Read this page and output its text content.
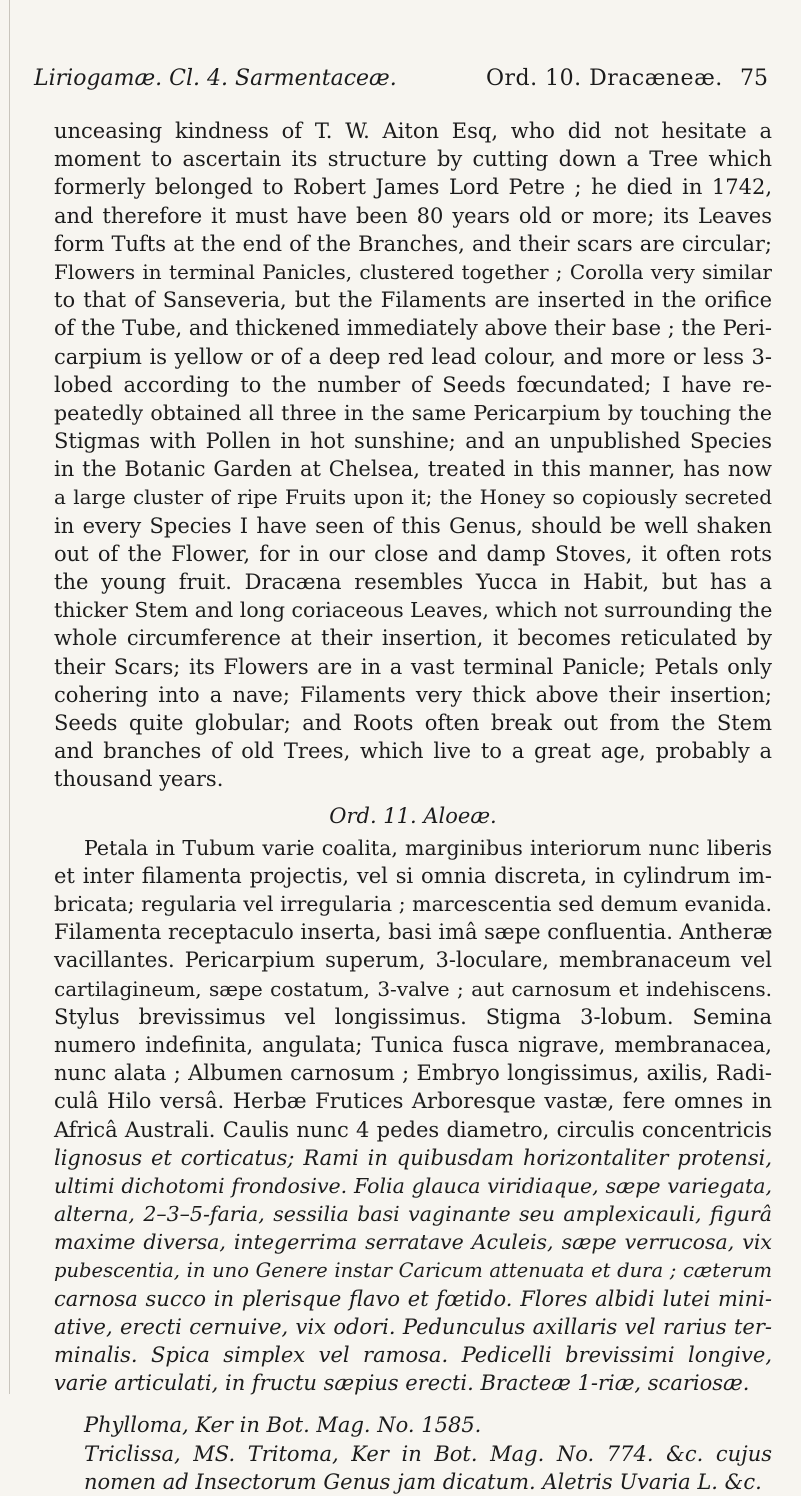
Liriogamæ. Cl. 4. Sarmentaceæ.	Ord. 10. Dracæneæ. 75
unceasing kindness of T. W. Aiton Esq, who did not hesitate a
moment to ascertain its structure by cutting down a Tree which
formerly belonged to Robert James Lord Petre ; he died in 1742,
and therefore it must have been 80 years old or more; its Leaves
form Tufts at the end of the Branches, and their scars are circular;
Flowers in terminal Panicles, clustered together ; Corolla very similar
to that of Sanseveria, but the Filaments are inserted in the orifice
of the Tube, and thickened immediately above their base ; the Peri-
carpium is yellow or of a deep red lead colour, and more or less 3-
lobed according to the number of Seeds fœcundated; I have re-
peatedly obtained all three in the same Pericarpium by touching the
Stigmas with Pollen in hot sunshine; and an unpublished Species
in the Botanic Garden at Chelsea, treated in this manner, has now
a large cluster of ripe Fruits upon it; the Honey so copiously secreted
in every Species I have seen of this Genus, should be well shaken
out of the Flower, for in our close and damp Stoves, it often rots
the young fruit. Dracæna resembles Yucca in Habit, but has a
thicker Stem and long coriaceous Leaves, which not surrounding the
whole circumference at their insertion, it becomes reticulated by
their Scars; its Flowers are in a vast terminal Panicle; Petals only
cohering into a nave; Filaments very thick above their insertion;
Seeds quite globular; and Roots often break out from the Stem
and branches of old Trees, which live to a great age, probably a
thousand years.
Ord. 11. Aloeæ.
Petala in Tubum varie coalita, marginibus interiorum nunc liberis
et inter filamenta projectis, vel si omnia discreta, in cylindrum im-
bricata; regularia vel irregularia ; marcescentia sed demum evanida.
Filamenta receptaculo inserta, basi imâ sæpe confluentia. Antheræ
vacillantes. Pericarpium superum, 3-loculare, membranaceum vel
cartilagineum, sæpe costatum, 3-valve ; aut carnosum et indehiscens.
Stylus brevissimus vel longissimus. Stigma 3-lobum. Semina
numero indefinita, angulata; Tunica fusca nigrave, membranacea,
nunc alata ; Albumen carnosum ; Embryo longissimus, axilis, Radi-
culâ Hilo versâ. Herbæ Frutices Arboresque vastæ, fere omnes in
Africâ Australi. Caulis nunc 4 pedes diametro, circulis concentricis
lignosus et corticatus; Rami in quibusdam horizontaliter protensi,
ultimi dichotomi frondosive. Folia glauca viridiaque, sæpe variegata,
alterna, 2–3–5-faria, sessilia basi vaginante seu amplexicauli, figurâ
maxime diversa, integerrima serratave Aculeis, sæpe verrucosa, vix
pubescentia, in uno Genere instar Caricum attenuata et dura ; cæterum
carnosa succo in plerisque flavo et fœtido. Flores albidi lutei mini-
ative, erecti cernuive, vix odori. Pedunculus axillaris vel rarius ter-
minalis. Spica simplex vel ramosa. Pedicelli brevissimi longive,
varie articulati, in fructu sæpius erecti. Bracteæ 1-riæ, scariosæ.
Phylloma, Ker in Bot. Mag. No. 1585.
Triclissa, MS. Tritoma, Ker in Bot. Mag. No. 774. &c. cujus
nomen ad Insectorum Genus jam dicatum. Aletris Uvaria L. &c.
